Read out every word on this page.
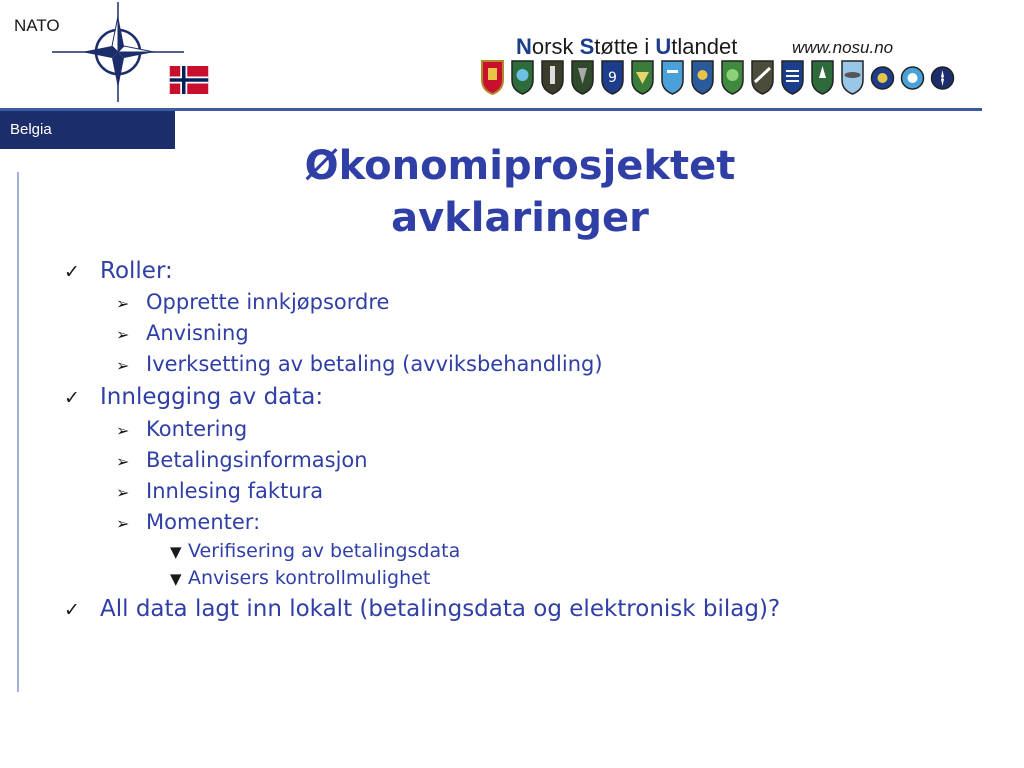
NATO
Norsk Støtte i Utlandet	www.nosu.no
9
Belgia
Økonomiprosjektet
avklaringer
✓ Roller:
➢ Opprette innkjøpsordre
➢ Anvisning
➢ Iverksetting av betaling (avviksbehandling)
✓ Innlegging av data:
➢ Kontering
➢ Betalingsinformasjon
➢ Innlesing faktura
➢ Momenter:
▼ Verifisering av betalingsdata
▼ Anvisers kontrollmulighet
✓ All data lagt inn lokalt (betalingsdata og elektronisk bilag)?
